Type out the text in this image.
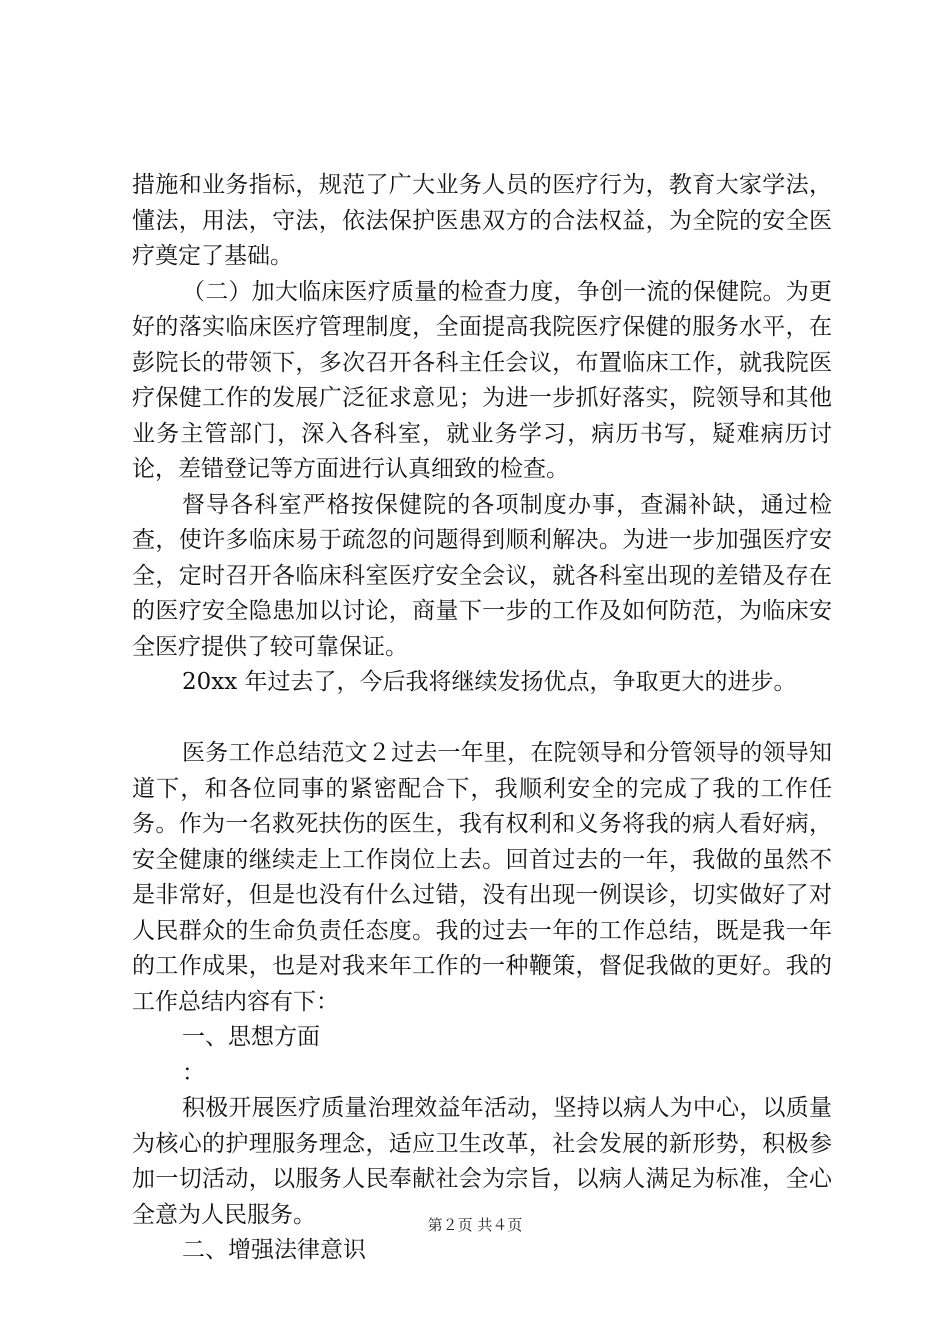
措施和业务指标，规范了广大业务人员的医疗行为，教育大家学法，懂法，用法，守法，依法保护医患双方的合法权益，为全院的安全医疗奠定了基础。

（二）加大临床医疗质量的检查力度，争创一流的保健院。为更好的落实临床医疗管理制度，全面提高我院医疗保健的服务水平，在彭院长的带领下，多次召开各科主任会议，布置临床工作，就我院医疗保健工作的发展广泛征求意见；为进一步抓好落实，院领导和其他业务主管部门，深入各科室，就业务学习，病历书写，疑难病历讨论，差错登记等方面进行认真细致的检查。

督导各科室严格按保健院的各项制度办事，查漏补缺，通过检查，使许多临床易于疏忽的问题得到顺利解决。为进一步加强医疗安全，定时召开各临床科室医疗安全会议，就各科室出现的差错及存在的医疗安全隐患加以讨论，商量下一步的工作及如何防范，为临床安全医疗提供了较可靠保证。

20xx 年过去了，今后我将继续发扬优点，争取更大的进步。

医务工作总结范文２过去一年里，在院领导和分管领导的领导知道下，和各位同事的紧密配合下，我顺利安全的完成了我的工作任务。作为一名救死扶伤的医生，我有权利和义务将我的病人看好病，安全健康的继续走上工作岗位上去。回首过去的一年，我做的虽然不是非常好，但是也没有什么过错，没有出现一例误诊，切实做好了对人民群众的生命负责任态度。我的过去一年的工作总结，既是我一年的工作成果，也是对我来年工作的一种鞭策，督促我做的更好。我的工作总结内容有下：

一、思想方面

：

积极开展医疗质量治理效益年活动，坚持以病人为中心，以质量为核心的护理服务理念，适应卫生改革，社会发展的新形势，积极参加一切活动，以服务人民奉献社会为宗旨，以病人满足为标准，全心全意为人民服务。

二、增强法律意识

第２页 共４页
